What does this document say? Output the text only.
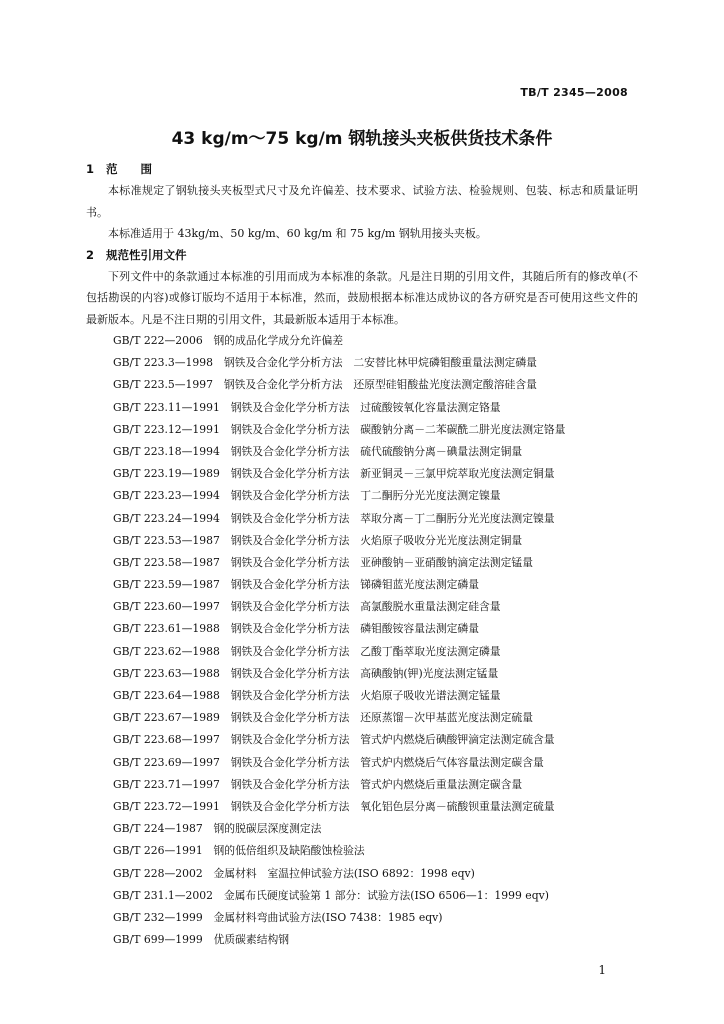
TB/T 2345—2008
43 kg/m～75 kg/m 钢轨接头夹板供货技术条件
1 范　　围

本标准规定了钢轨接头夹板型式尺寸及允许偏差、技术要求、试验方法、检验规则、包装、标志和质量证明书。

本标准适用于 43kg/m、50 kg/m、60 kg/m 和 75 kg/m 钢轨用接头夹板。

2 规范性引用文件

下列文件中的条款通过本标准的引用而成为本标准的条款。凡是注日期的引用文件，其随后所有的修改单(不包括勘误的内容)或修订版均不适用于本标准，然而，鼓励根据本标准达成协议的各方研究是否可使用这些文件的最新版本。凡是不注日期的引用文件，其最新版本适用于本标准。

GB/T 222—2006　 钢的成品化学成分允许偏差
GB/T 223.3—1998　 钢铁及合金化学分析方法　二安替比林甲烷磷钼酸重量法测定磷量
GB/T 223.5—1997　 钢铁及合金化学分析方法　还原型硅钼酸盐光度法测定酸溶硅含量
GB/T 223.11—1991　 钢铁及合金化学分析方法　过硫酸铵氧化容量法测定铬量
GB/T 223.12—1991　 钢铁及合金化学分析方法　碳酸钠分离－二苯碳酰二肼光度法测定铬量
GB/T 223.18—1994　 钢铁及合金化学分析方法　硫代硫酸钠分离－碘量法测定铜量
GB/T 223.19—1989　 钢铁及合金化学分析方法　新亚铜灵－三氯甲烷萃取光度法测定铜量
GB/T 223.23—1994　 钢铁及合金化学分析方法　丁二酮肟分光光度法测定镍量
GB/T 223.24—1994　 钢铁及合金化学分析方法　萃取分离－丁二酮肟分光光度法测定镍量
GB/T 223.53—1987　 钢铁及合金化学分析方法　火焰原子吸收分光光度法测定铜量
GB/T 223.58—1987　 钢铁及合金化学分析方法　亚砷酸钠－亚硝酸钠滴定法测定锰量
GB/T 223.59—1987　 钢铁及合金化学分析方法　锑磷钼蓝光度法测定磷量
GB/T 223.60—1997　 钢铁及合金化学分析方法　高氯酸脱水重量法测定硅含量
GB/T 223.61—1988　 钢铁及合金化学分析方法　磷钼酸铵容量法测定磷量
GB/T 223.62—1988　 钢铁及合金化学分析方法　乙酸丁酯萃取光度法测定磷量
GB/T 223.63—1988　 钢铁及合金化学分析方法　高碘酸钠(钾)光度法测定锰量
GB/T 223.64—1988　 钢铁及合金化学分析方法　火焰原子吸收光谱法测定锰量
GB/T 223.67—1989　 钢铁及合金化学分析方法　还原蒸馏－次甲基蓝光度法测定硫量
GB/T 223.68—1997　 钢铁及合金化学分析方法　管式炉内燃烧后碘酸钾滴定法测定硫含量
GB/T 223.69—1997　 钢铁及合金化学分析方法　管式炉内燃烧后气体容量法测定碳含量
GB/T 223.71—1997　 钢铁及合金化学分析方法　管式炉内燃烧后重量法测定碳含量
GB/T 223.72—1991　 钢铁及合金化学分析方法　氧化铝色层分离－硫酸钡重量法测定硫量
GB/T 224—1987　 钢的脱碳层深度测定法
GB/T 226—1991　 钢的低倍组织及缺陷酸蚀检验法
GB/T 228—2002　 金属材料　室温拉伸试验方法(ISO 6892：1998 eqv)
GB/T 231.1—2002　 金属布氏硬度试验第 1 部分：试验方法(ISO 6506—1：1999 eqv)
GB/T 232—1999　 金属材料弯曲试验方法(ISO 7438：1985 eqv)
GB/T 699—1999　 优质碳素结构钢
1
